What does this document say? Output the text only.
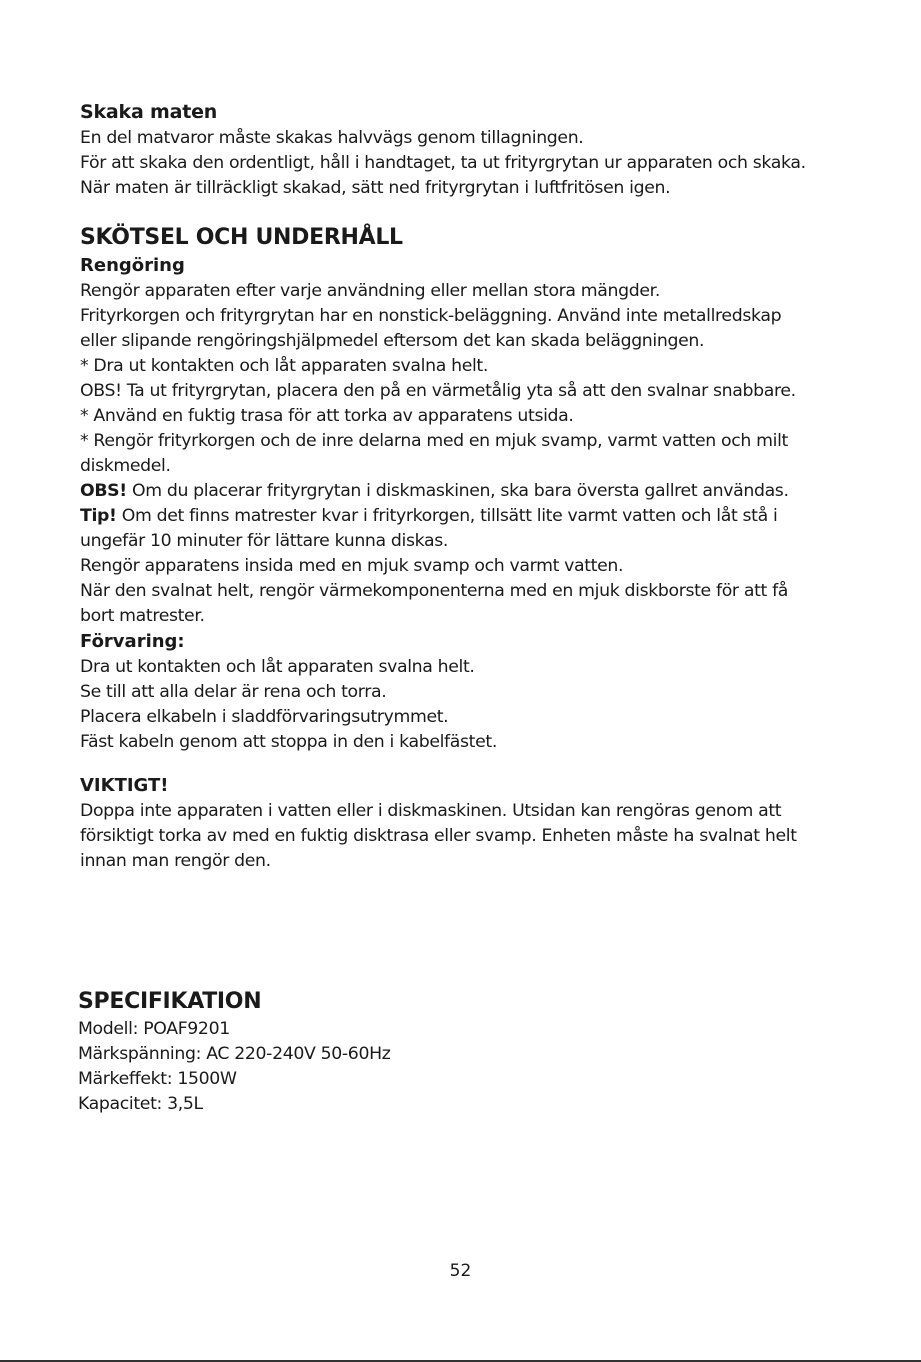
Skaka maten
En del matvaror måste skakas halvvägs genom tillagningen.
För att skaka den ordentligt, håll i handtaget, ta ut frityrgrytan ur apparaten och skaka.
När maten är tillräckligt skakad, sätt ned frityrgrytan i luftfritösen igen.
SKÖTSEL OCH UNDERHÅLL
Rengöring
Rengör apparaten efter varje användning eller mellan stora mängder.
Frityrkorgen och frityrgrytan har en nonstick-beläggning. Använd inte metallredskap
eller slipande rengöringshjälpmedel eftersom det kan skada beläggningen.
* Dra ut kontakten och låt apparaten svalna helt.
OBS! Ta ut frityrgrytan, placera den på en värmetålig yta så att den svalnar snabbare.
* Använd en fuktig trasa för att torka av apparatens utsida.
* Rengör frityrkorgen och de inre delarna med en mjuk svamp, varmt vatten och milt
diskmedel.
OBS! Om du placerar frityrgrytan i diskmaskinen, ska bara översta gallret användas.
Tip! Om det finns matrester kvar i frityrkorgen, tillsätt lite varmt vatten och låt stå i
ungefär 10 minuter för lättare kunna diskas.
Rengör apparatens insida med en mjuk svamp och varmt vatten.
När den svalnat helt, rengör värmekomponenterna med en mjuk diskborste för att få
bort matrester.
Förvaring:
Dra ut kontakten och låt apparaten svalna helt.
Se till att alla delar är rena och torra.
Placera elkabeln i sladdförvaringsutrymmet.
Fäst kabeln genom att stoppa in den i kabelfästet.
VIKTIGT!
Doppa inte apparaten i vatten eller i diskmaskinen. Utsidan kan rengöras genom att
försiktigt torka av med en fuktig disktrasa eller svamp. Enheten måste ha svalnat helt
innan man rengör den.
SPECIFIKATION
Modell: POAF9201
Märkspänning: AC 220-240V 50-60Hz
Märkeffekt: 1500W
Kapacitet: 3,5L
52
